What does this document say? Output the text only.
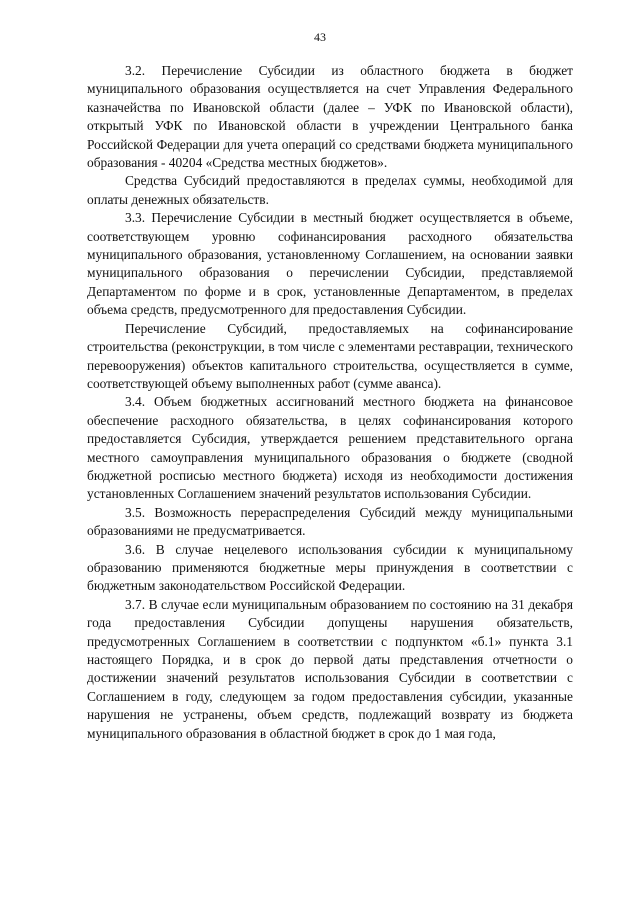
43

3.2. Перечисление Субсидии из областного бюджета в бюджет муниципального образования осуществляется на счет Управления Федерального казначейства по Ивановской области (далее – УФК по Ивановской области), открытый УФК по Ивановской области в учреждении Центрального банка Российской Федерации для учета операций со средствами бюджета муниципального образования - 40204 «Средства местных бюджетов».

Средства Субсидий предоставляются в пределах суммы, необходимой для оплаты денежных обязательств.

3.3. Перечисление Субсидии в местный бюджет осуществляется в объеме, соответствующем уровню софинансирования расходного обязательства муниципального образования, установленному Соглашением, на основании заявки муниципального образования о перечислении Субсидии, представляемой Департаментом по форме и в срок, установленные Департаментом, в пределах объема средств, предусмотренного для предоставления Субсидии.

Перечисление Субсидий, предоставляемых на софинансирование строительства (реконструкции, в том числе с элементами реставрации, технического перевооружения) объектов капитального строительства, осуществляется в сумме, соответствующей объему выполненных работ (сумме аванса).

3.4. Объем бюджетных ассигнований местного бюджета на финансовое обеспечение расходного обязательства, в целях софинансирования которого предоставляется Субсидия, утверждается решением представительного органа местного самоуправления муниципального образования о бюджете (сводной бюджетной росписью местного бюджета) исходя из необходимости достижения установленных Соглашением значений результатов использования Субсидии.

3.5. Возможность перераспределения Субсидий между муниципальными образованиями не предусматривается.

3.6. В случае нецелевого использования субсидии к муниципальному образованию применяются бюджетные меры принуждения в соответствии с бюджетным законодательством Российской Федерации.

3.7. В случае если муниципальным образованием по состоянию на 31 декабря года предоставления Субсидии допущены нарушения обязательств, предусмотренных Соглашением в соответствии с подпунктом «б.1» пункта 3.1 настоящего Порядка, и в срок до первой даты представления отчетности о достижении значений результатов использования Субсидии в соответствии с Соглашением в году, следующем за годом предоставления субсидии, указанные нарушения не устранены, объем средств, подлежащий возврату из бюджета муниципального образования в областной бюджет в срок до 1 мая года,
